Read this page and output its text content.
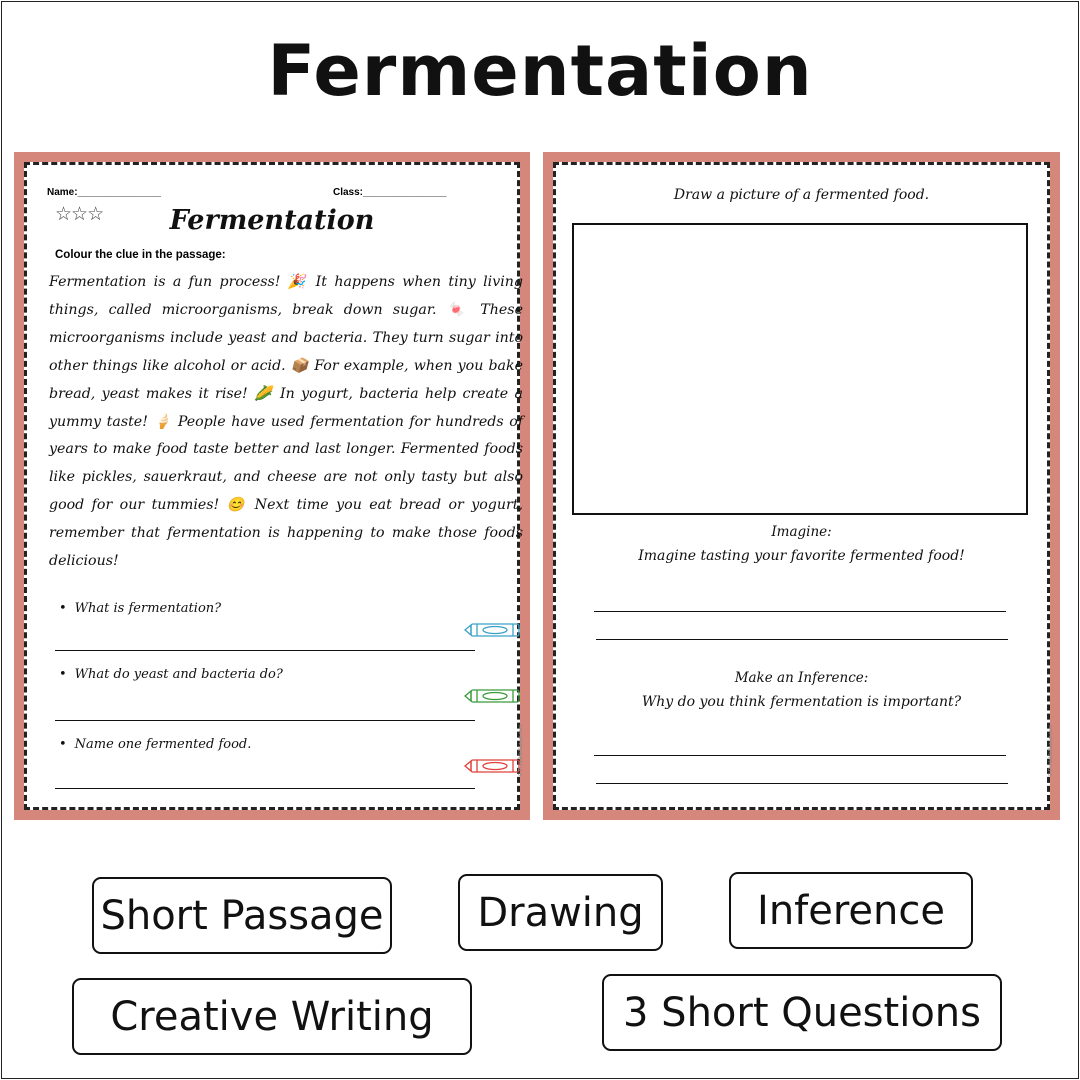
Fermentation
Name:_______________	Class:_______________
☆☆☆	Fermentation
Colour the clue in the passage:

Fermentation is a fun process! 🎉 It happens when tiny living things, called microorganisms, break down sugar. 🍬 These microorganisms include yeast and bacteria. They turn sugar into other things like alcohol or acid. 📦 For example, when you bake bread, yeast makes it rise! 🌽 In yogurt, bacteria help create a yummy taste! 🍦 People have used fermentation for hundreds of years to make food taste better and last longer. Fermented foods like pickles, sauerkraut, and cheese are not only tasty but also good for our tummies! 😊 Next time you eat bread or yogurt, remember that fermentation is happening to make those foods delicious!

• What is fermentation?
• What do yeast and bacteria do?
• Name one fermented food.	© PrintableBazaar.com
Draw a picture of a fermented food.
Imagine:
Imagine tasting your favorite fermented food!
Make an Inference:
Why do you think fermentation is important?
© PrintableBazaar.com
Short Passage	Drawing	Inference
Creative Writing	3 Short Questions
